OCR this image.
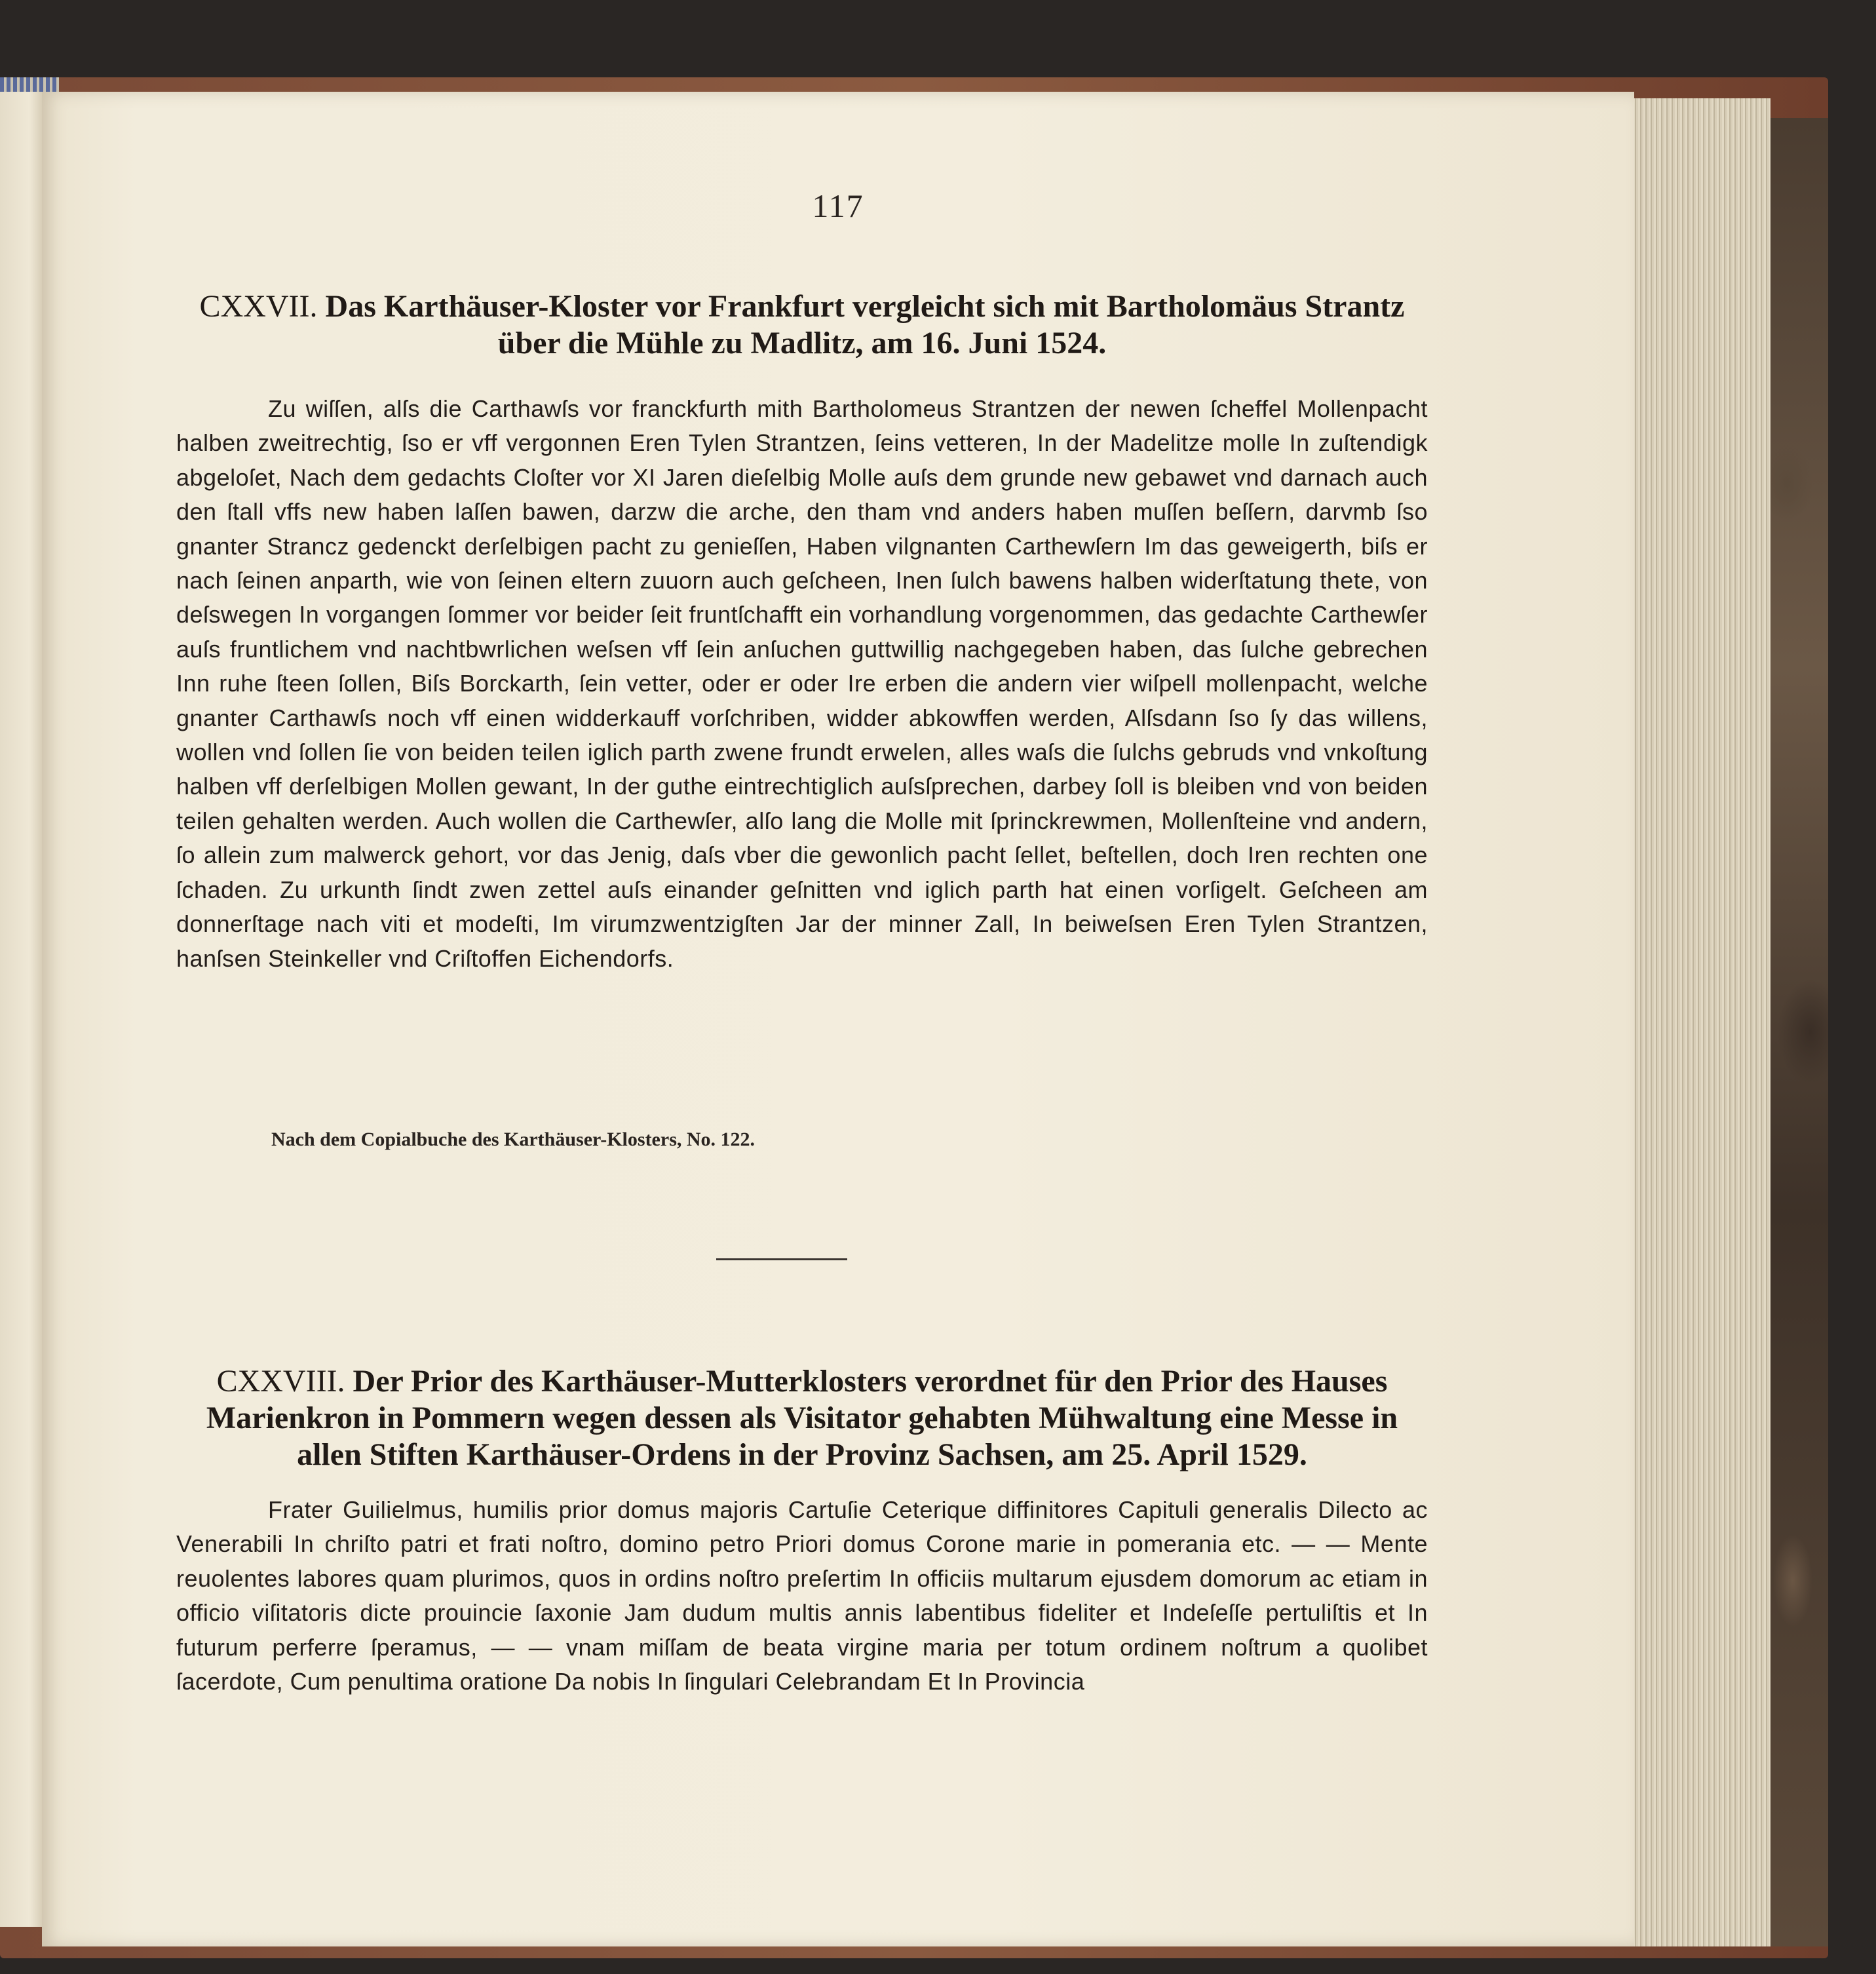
117
CXXVII. Das Karthäuser-Kloster vor Frankfurt vergleicht sich mit Bartholomäus Strantz über die Mühle zu Madlitz, am 16. Juni 1524.
Zu wiſſen, alſs die Carthawſs vor franckfurth mith Bartholomeus Strantzen der newen ſcheffel Mollenpacht halben zweitrechtig, ſso er vff vergonnen Eren Tylen Strantzen, ſeins vetteren, In der Madelitze molle In zuſtendigk abgeloſet, Nach dem gedachts Cloſter vor XI Jaren dieſelbig Molle auſs dem grunde new gebawet vnd darnach auch den ſtall vffs new haben laſſen bawen, darzw die arche, den tham vnd anders haben muſſen beſſern, darvmb ſso gnanter Strancz gedenckt derſelbigen pacht zu genieſſen, Haben vilgnanten Carthewſern Im das geweigerth, biſs er nach ſeinen anparth, wie von ſeinen eltern zuuorn auch geſcheen, Inen ſulch bawens halben widerſtatung thete, von deſswegen In vorgangen ſommer vor beider ſeit fruntſchafft ein vorhandlung vorgenommen, das gedachte Carthewſer auſs fruntlichem vnd nachtbwrlichen weſsen vff ſein anſuchen guttwillig nachgegeben haben, das ſulche gebrechen Inn ruhe ſteen ſollen, Biſs Borckarth, ſein vetter, oder er oder Ire erben die andern vier wiſpell mollenpacht, welche gnanter Carthawſs noch vff einen widderkauff vorſchriben, widder abkowffen werden, Alſsdann ſso ſy das willens, wollen vnd ſollen ſie von beiden teilen iglich parth zwene frundt erwelen, alles waſs die ſulchs gebruds vnd vnkoſtung halben vff derſelbigen Mollen gewant, In der guthe eintrechtiglich auſsſprechen, darbey ſoll is bleiben vnd von beiden teilen gehalten werden. Auch wollen die Carthewſer, alſo lang die Molle mit ſprinckrewmen, Mollenſteine vnd andern, ſo allein zum malwerck gehort, vor das Jenig, daſs vber die gewonlich pacht ſellet, beſtellen, doch Iren rechten one ſchaden. Zu urkunth ſindt zwen zettel auſs einander geſnitten vnd iglich parth hat einen vorſigelt. Geſcheen am donnerſtage nach viti et modeſti, Im virumzwentzigſten Jar der minner Zall, In beiweſsen Eren Tylen Strantzen, hanſsen Steinkeller vnd Criſtoffen Eichendorfs.
Nach dem Copialbuche des Karthäuser-Klosters, No. 122.
CXXVIII. Der Prior des Karthäuser-Mutterklosters verordnet für den Prior des Hauses Marienkron in Pommern wegen dessen als Visitator gehabten Mühwaltung eine Messe in allen Stiften Karthäuser-Ordens in der Provinz Sachsen, am 25. April 1529.
Frater Guilielmus, humilis prior domus majoris Cartuſie Ceterique diffinitores Capituli generalis Dilecto ac Venerabili In chriſto patri et frati noſtro, domino petro Priori domus Corone marie in pomerania etc. — — Mente reuolentes labores quam plurimos, quos in ordins noſtro preſertim In officiis multarum ejusdem domorum ac etiam in officio viſitatoris dicte prouincie ſaxonie Jam dudum multis annis labentibus fideliter et Indeſeſſe pertuliſtis et In futurum perferre ſperamus, — — vnam miſſam de beata virgine maria per totum ordinem noſtrum a quolibet ſacerdote, Cum penultima oratione Da nobis In ſingulari Celebrandam Et In Provincia
